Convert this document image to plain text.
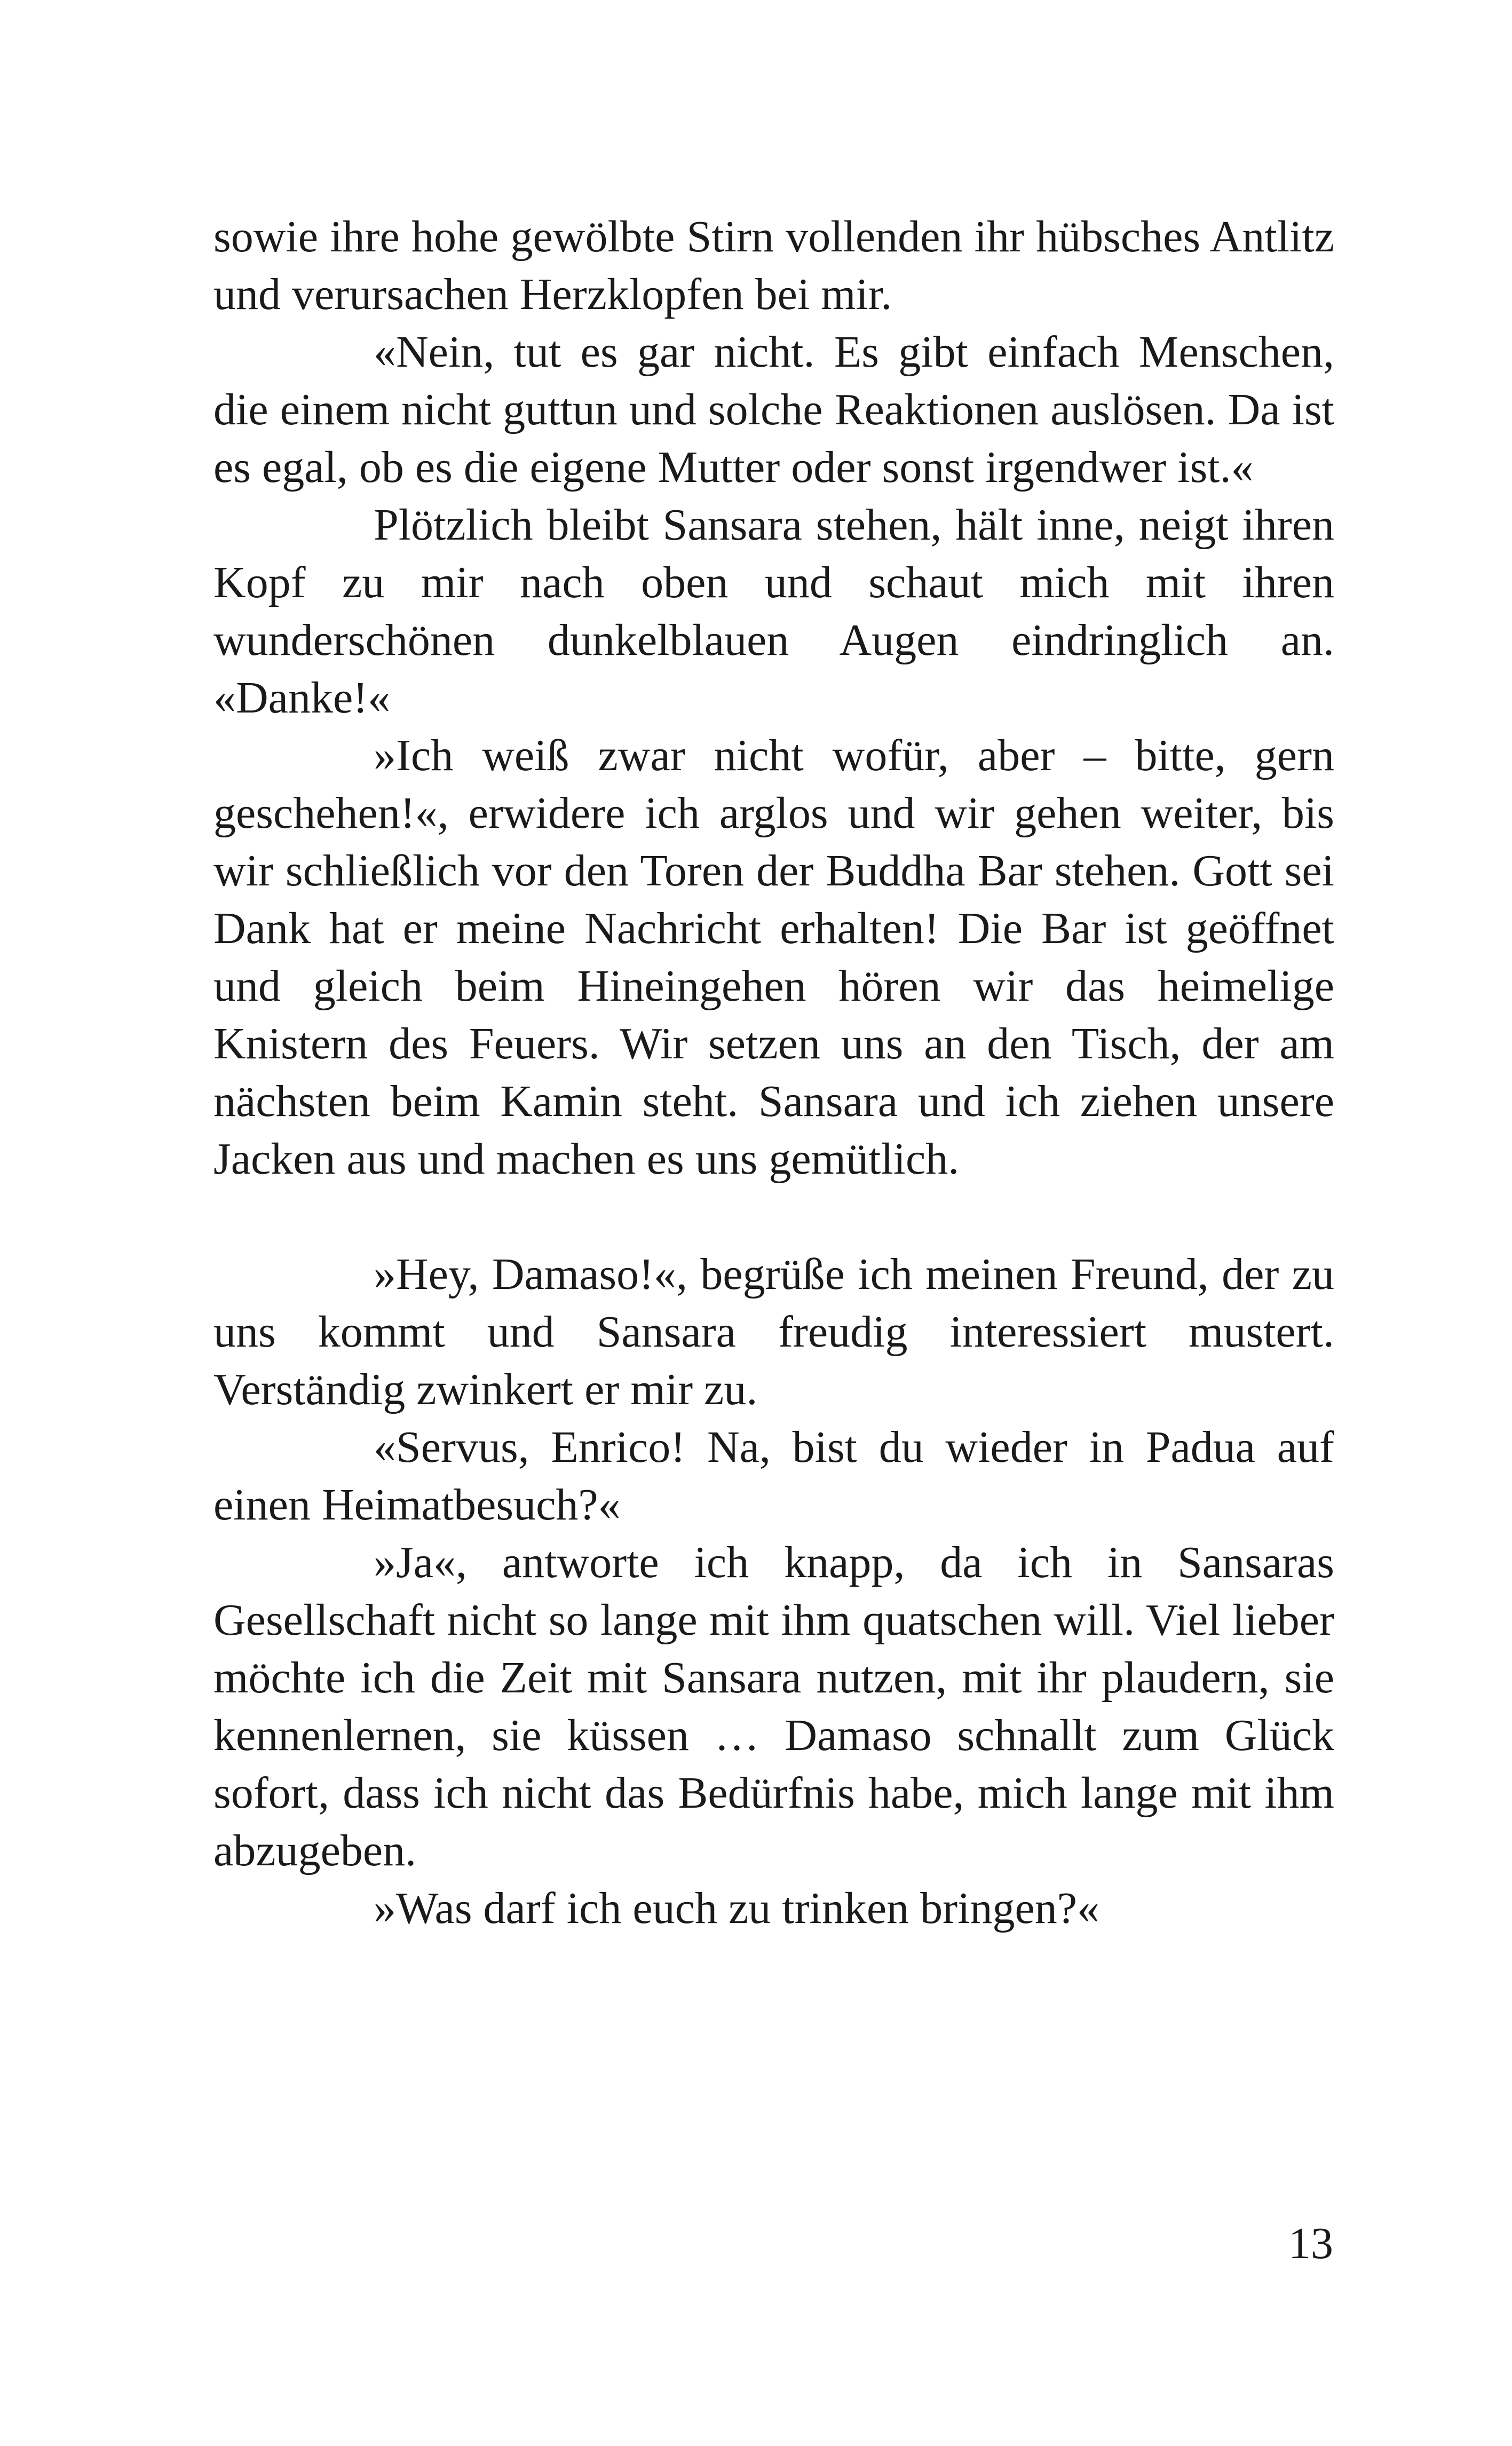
sowie ihre hohe gewölbte Stirn vollenden ihr hübsches Antlitz und verursachen Herzklopfen bei mir.

«Nein, tut es gar nicht. Es gibt einfach Menschen, die einem nicht guttun und solche Reaktionen auslösen. Da ist es egal, ob es die eigene Mutter oder sonst irgendwer ist.«

Plötzlich bleibt Sansara stehen, hält inne, neigt ihren Kopf zu mir nach oben und schaut mich mit ihren wunderschönen dunkelblauen Augen eindringlich an. «Danke!«

»Ich weiß zwar nicht wofür, aber – bitte, gern geschehen!«, erwidere ich arglos und wir gehen weiter, bis wir schließlich vor den Toren der Buddha Bar stehen. Gott sei Dank hat er meine Nachricht erhalten! Die Bar ist geöffnet und gleich beim Hineingehen hören wir das heimelige Knistern des Feuers. Wir setzen uns an den Tisch, der am nächsten beim Kamin steht. Sansara und ich ziehen unsere Jacken aus und machen es uns gemütlich.

»Hey, Damaso!«, begrüße ich meinen Freund, der zu uns kommt und Sansara freudig interessiert mustert. Verständig zwinkert er mir zu.

«Servus, Enrico! Na, bist du wieder in Padua auf einen Heimatbesuch?«

»Ja«, antworte ich knapp, da ich in Sansaras Gesellschaft nicht so lange mit ihm quatschen will. Viel lieber möchte ich die Zeit mit Sansara nutzen, mit ihr plaudern, sie kennenlernen, sie küssen … Damaso schnallt zum Glück sofort, dass ich nicht das Bedürfnis habe, mich lange mit ihm abzugeben.

»Was darf ich euch zu trinken bringen?«

13
